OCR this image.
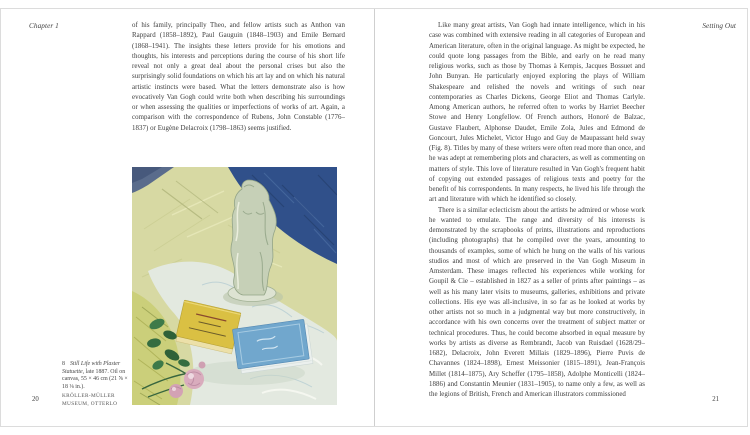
Chapter 1	of his family, principally Theo, and fellow artists such as Anthon van Rappard (1858–1892), Paul Gauguin (1848–1903) and Emile Bernard (1868–1941). The insights these letters provide for his emotions and thoughts, his interests and perceptions during the course of his short life reveal not only a great deal about the personal crises but also the surprisingly solid foundations on which his art lay and on which his natural artistic instincts were based. What the letters demonstrate also is how evocatively Van Gogh could write both when describing his surroundings or when assessing the qualities or imperfections of works of art. Again, a comparison with the correspondence of Rubens, John Constable (1776–1837) or Eugène Delacroix (1798–1863) seems justified.
8 Still Life with Plaster Statuette, late 1887. Oil on canvas, 55 × 46 cm (21 ⅝ × 18 ⅛ in.).
KRÖLLER-MÜLLER MUSEUM, OTTERLO
20
Setting Out

Like many great artists, Van Gogh had innate intelligence, which in his case was combined with extensive reading in all categories of European and American literature, often in the original language. As might be expected, he could quote long passages from the Bible, and early on he read many religious works, such as those by Thomas à Kempis, Jacques Bossuet and John Bunyan. He particularly enjoyed exploring the plays of William Shakespeare and relished the novels and writings of such near contemporaries as Charles Dickens, George Eliot and Thomas Carlyle. Among American authors, he referred often to works by Harriet Beecher Stowe and Henry Longfellow. Of French authors, Honoré de Balzac, Gustave Flaubert, Alphonse Daudet, Emile Zola, Jules and Edmond de Goncourt, Jules Michelet, Victor Hugo and Guy de Maupassant held sway (Fig. 8). Titles by many of these writers were often read more than once, and he was adept at remembering plots and characters, as well as commenting on matters of style. This love of literature resulted in Van Gogh's frequent habit of copying out extended passages of religious texts and poetry for the benefit of his correspondents. In many respects, he lived his life through the art and literature with which he identified so closely.

There is a similar eclecticism about the artists he admired or whose work he wanted to emulate. The range and diversity of his interests is demonstrated by the scrapbooks of prints, illustrations and reproductions (including photographs) that he compiled over the years, amounting to thousands of examples, some of which he hung on the walls of his various studios and most of which are preserved in the Van Gogh Museum in Amsterdam. These images reflected his experiences while working for Goupil & Cie – established in 1827 as a seller of prints after paintings – as well as his many later visits to museums, galleries, exhibitions and private collections. His eye was all-inclusive, in so far as he looked at works by other artists not so much in a judgmental way but more constructively, in accordance with his own concerns over the treatment of subject matter or technical procedures. Thus, he could become absorbed in equal measure by works by artists as diverse as Rembrandt, Jacob van Ruisdael (1628/29–1682), Delacroix, John Everett Millais (1829–1896), Pierre Puvis de Chavannes (1824–1898), Ernest Meissonier (1815–1891), Jean-François Millet (1814–1875), Ary Scheffer (1795–1858), Adolphe Monticelli (1824–1886) and Constantin Meunier (1831–1905), to name only a few, as well as the legions of British, French and American illustrators commissioned

21
